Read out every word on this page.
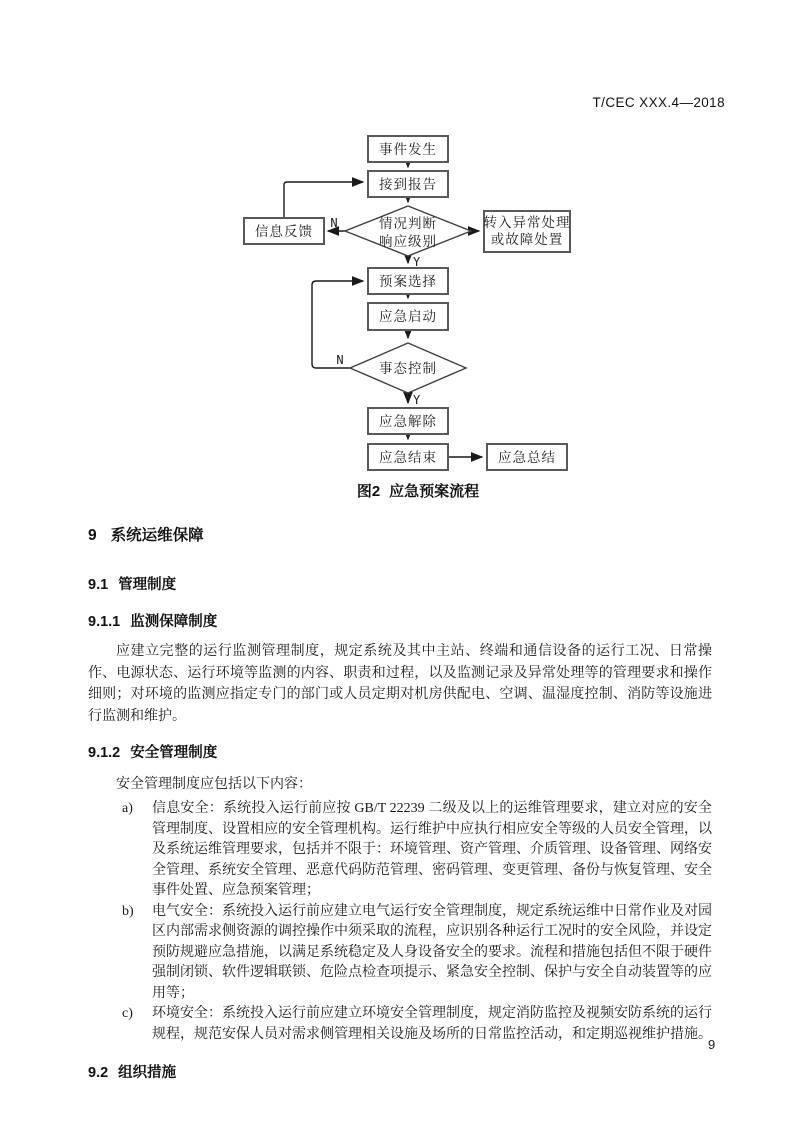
T/CEC XXX.4—2018
事件发生
接到报告
情况判断
响应级别
信息反馈
转入异常处理
或故障处置
预案选择
应急启动
事态控制
应急解除
应急结束	应急总结
N
Y
N
Y
图2 应急预案流程
9 系统运维保障
9.1 管理制度
9.1.1 监测保障制度

应建立完整的运行监测管理制度，规定系统及其中主站、终端和通信设备的运行工况、日常操作、电源状态、运行环境等监测的内容、职责和过程，以及监测记录及异常处理等的管理要求和操作细则；对环境的监测应指定专门的部门或人员定期对机房供配电、空调、温湿度控制、消防等设施进行监测和维护。

9.1.2 安全管理制度

安全管理制度应包括以下内容：

a)	信息安全：系统投入运行前应按 GB/T 22239 二级及以上的运维管理要求，建立对应的安全管理制度、设置相应的安全管理机构。运行维护中应执行相应安全等级的人员安全管理，以及系统运维管理要求，包括并不限于：环境管理、资产管理、介质管理、设备管理、网络安全管理、系统安全管理、恶意代码防范管理、密码管理、变更管理、备份与恢复管理、安全事件处置、应急预案管理；
b)	电气安全：系统投入运行前应建立电气运行安全管理制度，规定系统运维中日常作业及对园区内部需求侧资源的调控操作中须采取的流程，应识别各种运行工况时的安全风险，并设定预防规避应急措施，以满足系统稳定及人身设备安全的要求。流程和措施包括但不限于硬件强制闭锁、软件逻辑联锁、危险点检查项提示、紧急安全控制、保护与安全自动装置等的应用等；
c)	环境安全：系统投入运行前应建立环境安全管理制度，规定消防监控及视频安防系统的运行规程，规范安保人员对需求侧管理相关设施及场所的日常监控活动，和定期巡视维护措施。
9.2 组织措施
9
